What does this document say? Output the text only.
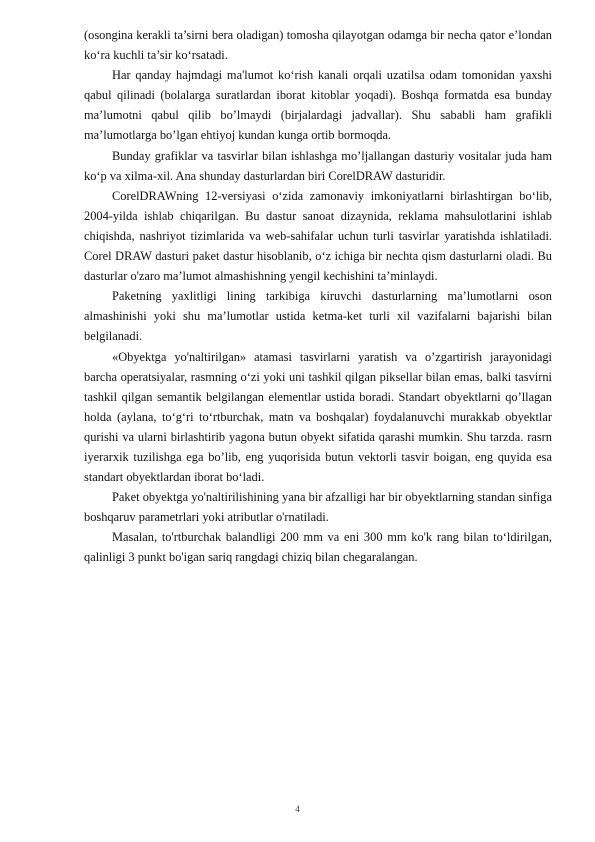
(osongina kerakli ta’sirni bera oladigan) tomosha qilayotgan odamga bir necha qator e’londan ko‘ra kuchli ta’sir ko‘rsatadi.

Har qanday hajmdagi ma'lumot ko‘rish kanali orqali uzatilsa odam tomonidan yaxshi qabul qilinadi (bolalarga suratlardan iborat kitoblar yoqadi). Boshqa formatda esa bunday ma’lumotni qabul qilib bo’lmaydi (birjalardagi jadvallar). Shu sababli ham grafikli ma’lumotlarga bo’lgan ehtiyoj kundan kunga ortib bormoqda.

Bunday grafiklar va tasvirlar bilan ishlashga mo’ljallangan dasturiy vositalar juda ham ko‘p va xilma-xil. Ana shunday dasturlardan biri CorelDRAW dasturidir.

CorelDRAWning 12-versiyasi o‘zida zamonaviy imkoniyatlarni birlashtirgan bo‘lib, 2004-yilda ishlab chiqarilgan. Bu dastur sanoat dizaynida, reklama mahsulotlarini ishlab chiqishda, nashriyot tizimlarida va web-sahifalar uchun turli tasvirlar yaratishda ishlatiladi. Corel DRAW dasturi paket dastur hisoblanib, o‘z ichiga bir nechta qism dasturlarni oladi. Bu dasturlar o'zaro ma’lumot almashishning yengil kechishini ta’minlaydi.

Paketning yaxlitligi lining tarkibiga kiruvchi dasturlarning ma’lumotlarni oson almashinishi yoki shu ma’lumotlar ustida ketma-ket turli xil vazifalarni bajarishi bilan belgilanadi.

«Obyektga yo'naltirilgan» atamasi tasvirlarni yaratish va o’zgartirish jarayonidagi barcha operatsiyalar, rasmning o‘zi yoki uni tashkil qilgan piksellar bilan emas, balki tasvirni tashkil qilgan semantik belgilangan elementlar ustida boradi. Standart obyektlarni qo’llagan holda (aylana, to‘g‘ri to‘rtburchak, matn va boshqalar) foydalanuvchi murakkab obyektlar qurishi va ularni birlashtirib yagona butun obyekt sifatida qarashi mumkin. Shu tarzda. rasrn iyerarxik tuzilishga ega bo’lib, eng yuqorisida butun vektorli tasvir boigan, eng quyida esa standart obyektlardan iborat bo‘ladi.

Paket obyektga yo'naltirilishining yana bir afzalligi har bir obyektlarning standan sinfiga boshqaruv parametrlari yoki atributlar o'rnatiladi.

Masalan, to'rtburchak balandligi 200 mm va eni 300 mm ko'k rang bilan to‘ldirilgan, qalinligi 3 punkt bo'igan sariq rangdagi chiziq bilan chegaralangan.

4
